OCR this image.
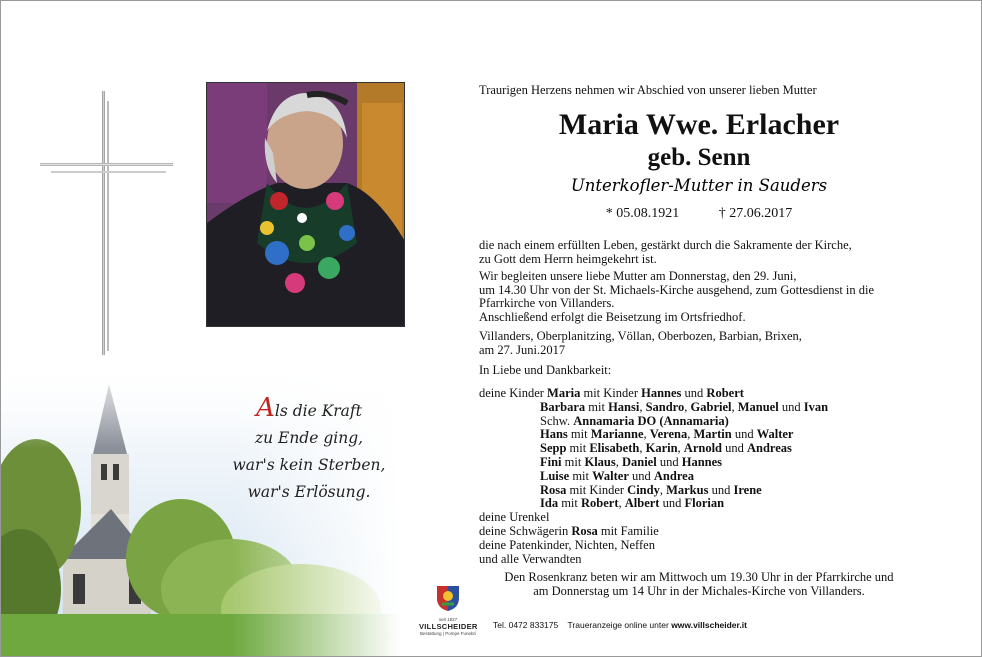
Als die Kraft
zu Ende ging,
war's kein Sterben,
war's Erlösung.
Traurigen Herzens nehmen wir Abschied von unserer lieben Mutter
Maria Wwe. Erlacher
geb. Senn
Unterkofler-Mutter in Sauders
* 05.08.1921	† 27.06.2017
die nach einem erfüllten Leben, gestärkt durch die Sakramente der Kirche,
zu Gott dem Herrn heimgekehrt ist.
Wir begleiten unsere liebe Mutter am Donnerstag, den 29. Juni,
um 14.30 Uhr von der St. Michaels-Kirche ausgehend, zum Gottesdienst in die
Pfarrkirche von Villanders.
Anschließend erfolgt die Beisetzung im Ortsfriedhof.
Villanders, Oberplanitzing, Völlan, Oberbozen, Barbian, Brixen,
am 27. Juni.2017
In Liebe und Dankbarkeit:
deine Kinder Maria mit Kinder Hannes und Robert
Barbara mit Hansi, Sandro, Gabriel, Manuel und Ivan
Schw. Annamaria DO (Annamaria)
Hans mit Marianne, Verena, Martin und Walter
Sepp mit Elisabeth, Karin, Arnold und Andreas
Fini mit Klaus, Daniel und Hannes
Luise mit Walter und Andrea
Rosa mit Kinder Cindy, Markus und Irene
Ida mit Robert, Albert und Florian
deine Urenkel
deine Schwägerin Rosa mit Familie
deine Patenkinder, Nichten, Neffen
und alle Verwandten
Den Rosenkranz beten wir am Mittwoch um 19.30 Uhr in der Pfarrkirche und
am Donnerstag um 14 Uhr in der Michales-Kirche von Villanders.
seit 1927
VILLSCHEIDER
Bestattung | Pompe Funebri
Tel. 0472 833175 Traueranzeige online unter www.villscheider.it
